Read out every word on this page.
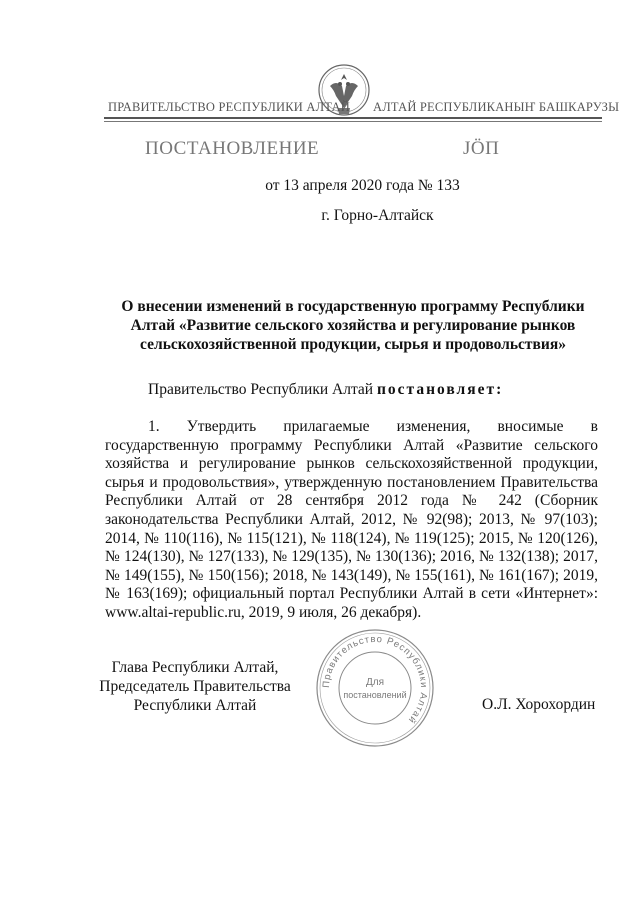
ПРАВИТЕЛЬСТВО РЕСПУБЛИКИ АЛТАЙ АЛТАЙ РЕСПУБЛИКАНЫҤ БАШКАРУЗЫ
ПОСТАНОВЛЕНИЕ	ЈӦП
от 13 апреля 2020 года № 133
г. Горно-Алтайск
О внесении изменений в государственную программу Республики Алтай «Развитие сельского хозяйства и регулирование рынков сельскохозяйственной продукции, сырья и продовольствия»
Правительство Республики Алтай постановляет:
1. Утвердить прилагаемые изменения, вносимые в государственную программу Республики Алтай «Развитие сельского хозяйства и регулирование рынков сельскохозяйственной продукции, сырья и продовольствия», утвержденную постановлением Правительства Республики Алтай от 28 сентября 2012 года № 242 (Сборник законодательства Республики Алтай, 2012, № 92(98); 2013, № 97(103); 2014, № 110(116), № 115(121), № 118(124), № 119(125); 2015, № 120(126), № 124(130), № 127(133), № 129(135), № 130(136); 2016, № 132(138); 2017, № 149(155), № 150(156); 2018, № 143(149), № 155(161), № 161(167); 2019, № 163(169); официальный портал Республики Алтай в сети «Интернет»: www.altai-republic.ru, 2019, 9 июля, 26 декабря).
Глава Республики Алтай,
Председатель Правительства
Республики Алтай
Правительство Республики Алтай
Для
постановлений
О.Л. Хорохордин
